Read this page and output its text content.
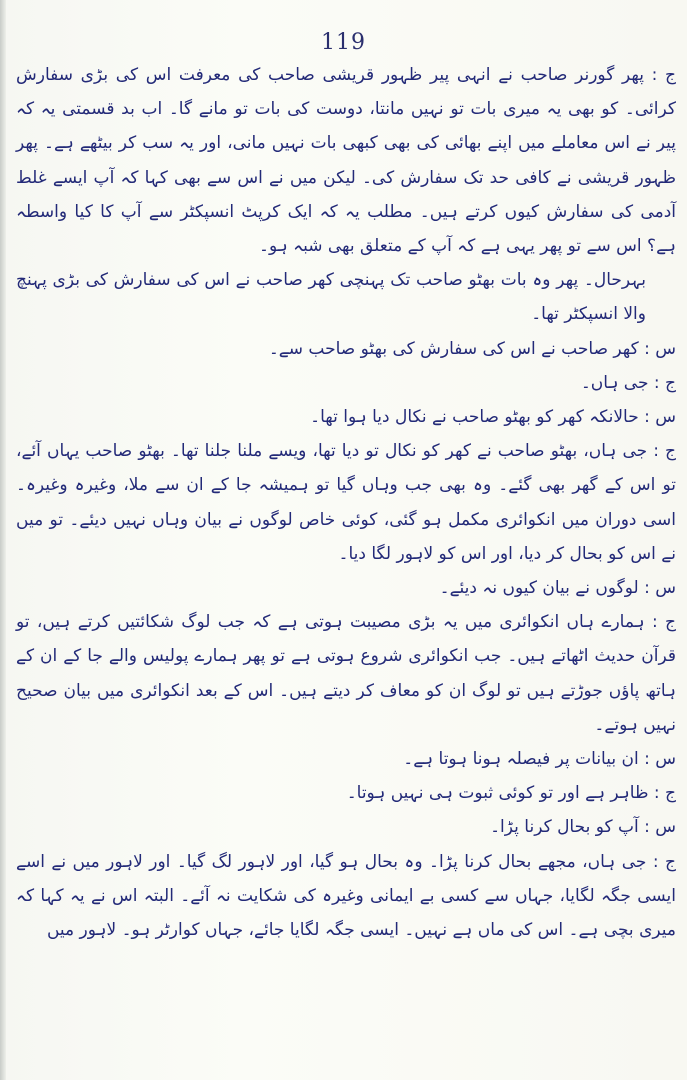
119

ج : پھر گورنر صاحب نے انہی پیر ظہور قریشی صاحب کی معرفت اس کی بڑی سفارش کرائی۔ کو بھی یہ میری بات تو نہیں مانتا، دوست کی بات تو مانے گا۔ اب بد قسمتی یہ کہ پیر نے اس معاملے میں اپنے بھائی کی بھی کبھی بات نہیں مانی، اور یہ سب کر بیٹھے ہے۔ پھر ظہور قریشی نے کافی حد تک سفارش کی۔ لیکن میں نے اس سے بھی کہا کہ آپ ایسے غلط آدمی کی سفارش کیوں کرتے ہیں۔ مطلب یہ کہ ایک کرپٹ انسپکٹر سے آپ کا کیا واسطہ ہے؟ اس سے تو پھر یہی ہے کہ آپ کے متعلق بھی شبہ ہو۔

بہرحال۔ پھر وہ بات بھٹو صاحب تک پہنچی کھر صاحب نے اس کی سفارش کی بڑی پہنچ والا انسپکٹر تھا۔

س : کھر صاحب نے اس کی سفارش کی بھٹو صاحب سے۔

ج : جی ہاں۔

س : حالانکہ کھر کو بھٹو صاحب نے نکال دیا ہوا تھا۔

ج : جی ہاں، بھٹو صاحب نے کھر کو نکال تو دیا تھا، ویسے ملنا جلنا تھا۔ بھٹو صاحب یہاں آئے، تو اس کے گھر بھی گئے۔ وہ بھی جب وہاں گیا تو ہمیشہ جا کے ان سے ملا، وغیرہ وغیرہ۔ اسی دوران میں انکوائری مکمل ہو گئی، کوئی خاص لوگوں نے بیان وہاں نہیں دیئے۔ تو میں نے اس کو بحال کر دیا، اور اس کو لاہور لگا دیا۔

س : لوگوں نے بیان کیوں نہ دیئے۔

ج : ہمارے ہاں انکوائری میں یہ بڑی مصیبت ہوتی ہے کہ جب لوگ شکائتیں کرتے ہیں، تو قرآن حدیث اٹھاتے ہیں۔ جب انکوائری شروع ہوتی ہے تو پھر ہمارے پولیس والے جا کے ان کے ہاتھ پاؤں جوڑتے ہیں تو لوگ ان کو معاف کر دیتے ہیں۔ اس کے بعد انکوائری میں بیان صحیح نہیں ہوتے۔

س : ان بیانات پر فیصلہ ہونا ہوتا ہے۔

ج : ظاہر ہے اور تو کوئی ثبوت ہی نہیں ہوتا۔

س : آپ کو بحال کرنا پڑا۔

ج : جی ہاں، مجھے بحال کرنا پڑا۔ وہ بحال ہو گیا، اور لاہور لگ گیا۔ اور لاہور میں نے اسے ایسی جگہ لگایا، جہاں سے کسی بے ایمانی وغیرہ کی شکایت نہ آئے۔ البتہ اس نے یہ کہا کہ میری بچی ہے۔ اس کی ماں ہے نہیں۔ ایسی جگہ لگایا جائے، جہاں کوارٹر ہو۔ لاہور میں
